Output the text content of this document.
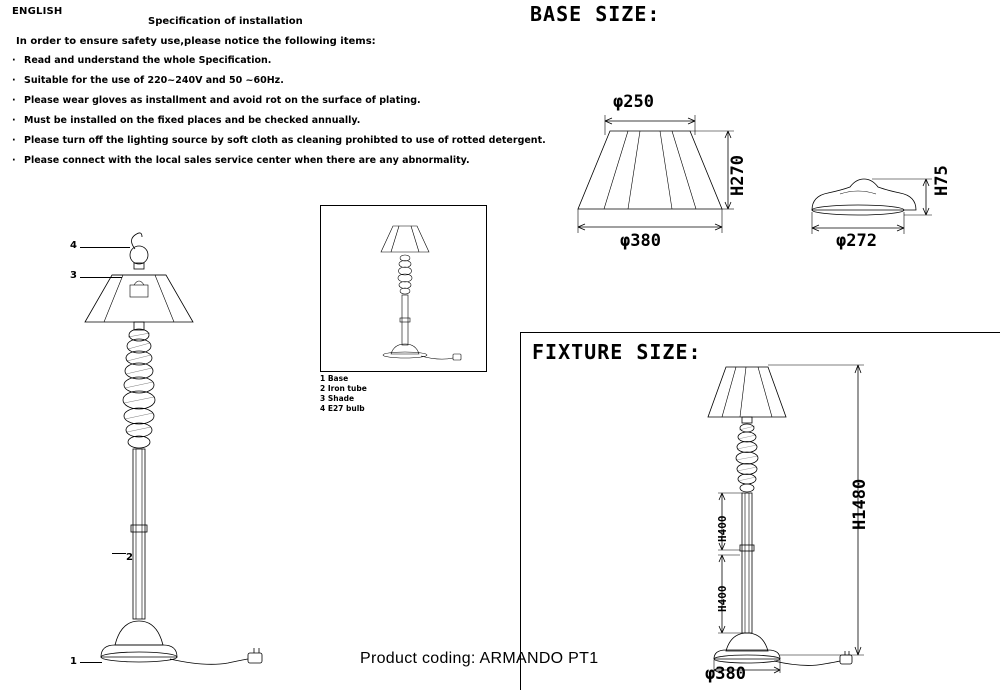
ENGLISH
Specification of installation
In order to ensure safety use,please notice the following items:
· Read and understand the whole Specification.
· Suitable for the use of 220~240V and 50 ~60Hz.
· Please wear gloves as installment and avoid rot on the surface of plating.
· Must be installed on the fixed places and be checked annually.
· Please turn off the lighting source by soft cloth as cleaning prohibted to use of rotted detergent.
· Please connect with the local sales service center when there are any abnormality.
4
3
2
1
1 Base
2 Iron tube
3 Shade
4 E27 bulb
BASE SIZE:
φ250
φ380
H270
φ272
H75
FIXTURE SIZE:
H1480
H400
H400
φ380
Product coding: ARMANDO PT1
